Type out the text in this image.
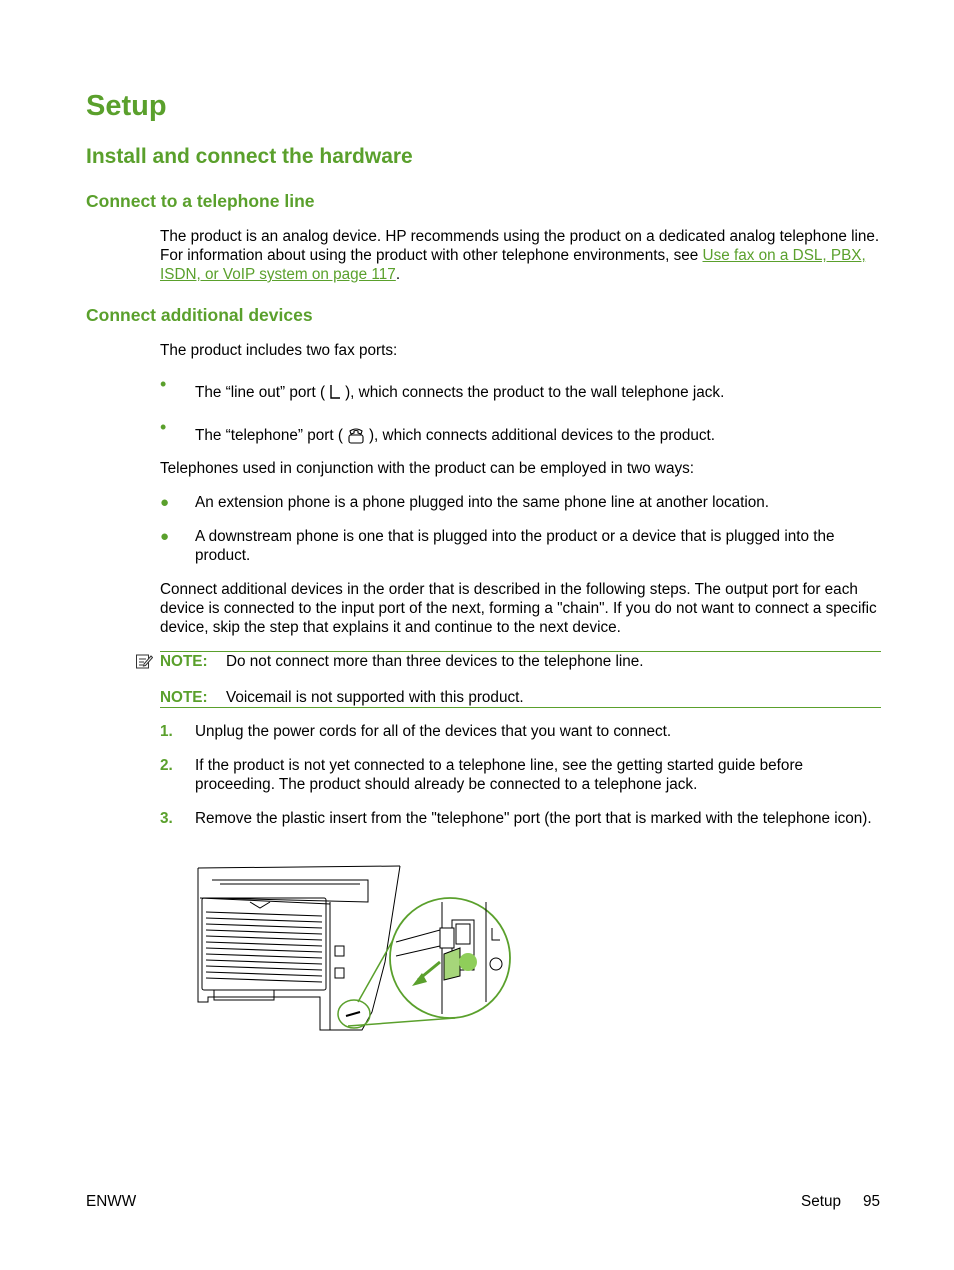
Setup
Install and connect the hardware
Connect to a telephone line

The product is an analog device. HP recommends using the product on a dedicated analog telephone line. For information about using the product with other telephone environments, see Use fax on a DSL, PBX, ISDN, or VoIP system on page 117.

Connect additional devices

The product includes two fax ports:

• The “line out” port ( ), which connects the product to the wall telephone jack.

• The “telephone” port ( ), which connects additional devices to the product.

Telephones used in conjunction with the product can be employed in two ways:

● An extension phone is a phone plugged into the same phone line at another location.

● A downstream phone is one that is plugged into the product or a device that is plugged into the product.

Connect additional devices in the order that is described in the following steps. The output port for each device is connected to the input port of the next, forming a "chain". If you do not want to connect a specific device, skip the step that explains it and continue to the next device.

NOTE: Do not connect more than three devices to the telephone line.

NOTE: Voicemail is not supported with this product.

1. Unplug the power cords for all of the devices that you want to connect.

2. If the product is not yet connected to a telephone line, see the getting started guide before proceeding. The product should already be connected to a telephone jack.

3. Remove the plastic insert from the "telephone" port (the port that is marked with the telephone icon).

ENWW	Setup 95
